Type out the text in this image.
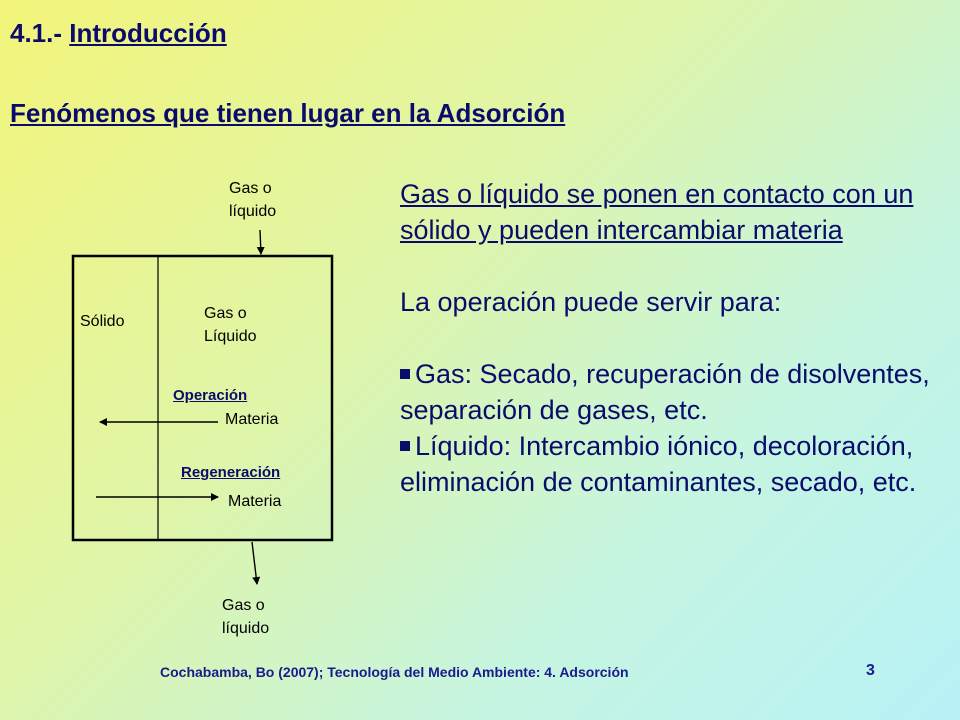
4.1.- Introducción
Fenómenos que tienen lugar en la Adsorción
Gas o
líquido
Sólido	Gas o
Líquido
Operación
Materia
Regeneración
Materia
Gas o
líquido

Gas o líquido se ponen en contacto con un sólido y pueden intercambiar materia

La operación puede servir para:

Gas: Secado, recuperación de disolventes, separación de gases, etc.

Líquido: Intercambio iónico, decoloración, eliminación de contaminantes, secado, etc.

Cochabamba, Bo (2007); Tecnología del Medio Ambiente: 4. Adsorción	3
